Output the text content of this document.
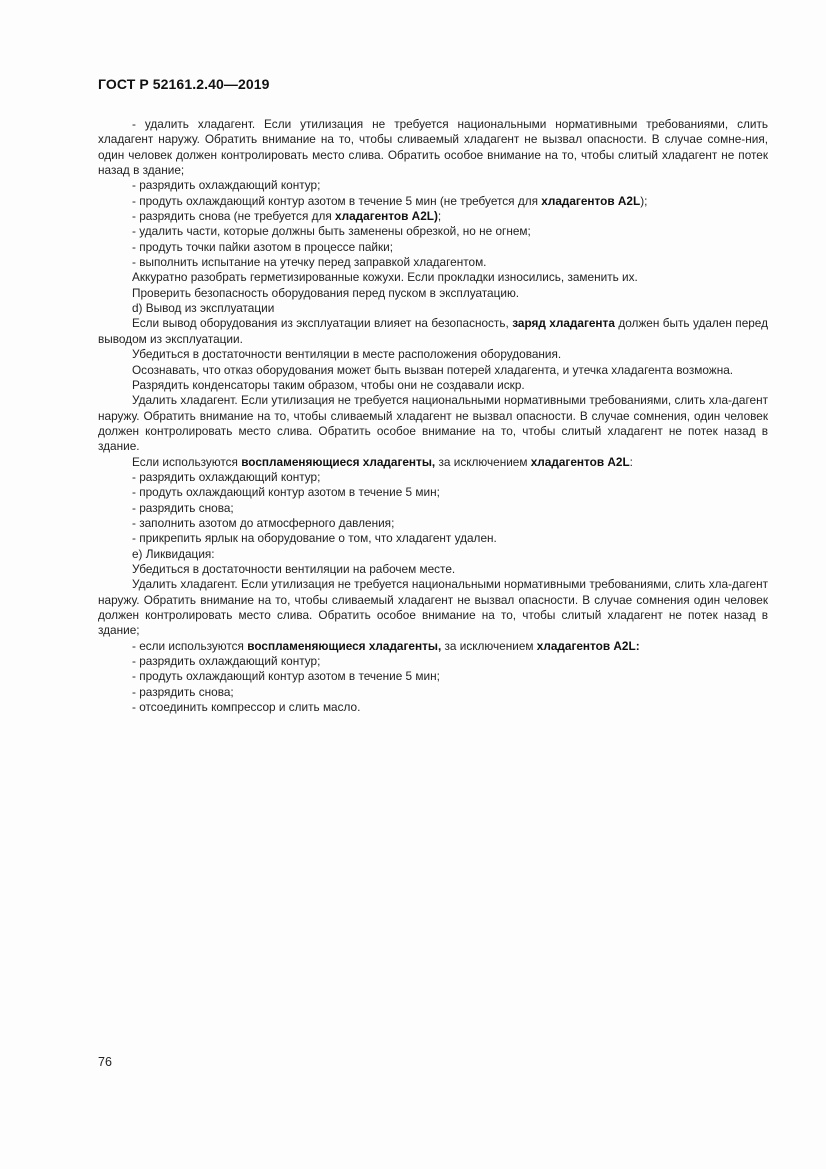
ГОСТ Р 52161.2.40—2019
- удалить хладагент. Если утилизация не требуется национальными нормативными требованиями, слить хладагент наружу. Обратить внимание на то, чтобы сливаемый хладагент не вызвал опасности. В случае сомне-ния, один человек должен контролировать место слива. Обратить особое внимание на то, чтобы слитый хладагент не потек назад в здание;
- разрядить охлаждающий контур;
- продуть охлаждающий контур азотом в течение 5 мин (не требуется для хладагентов A2L);
- разрядить снова (не требуется для хладагентов A2L);
- удалить части, которые должны быть заменены обрезкой, но не огнем;
- продуть точки пайки азотом в процессе пайки;
- выполнить испытание на утечку перед заправкой хладагентом.
Аккуратно разобрать герметизированные кожухи. Если прокладки износились, заменить их.
Проверить безопасность оборудования перед пуском в эксплуатацию.
d) Вывод из эксплуатации
Если вывод оборудования из эксплуатации влияет на безопасность, заряд хладагента должен быть удален перед выводом из эксплуатации.
Убедиться в достаточности вентиляции в месте расположения оборудования.
Осознавать, что отказ оборудования может быть вызван потерей хладагента, и утечка хладагента возможна.
Разрядить конденсаторы таким образом, чтобы они не создавали искр.
Удалить хладагент. Если утилизация не требуется национальными нормативными требованиями, слить хла-дагент наружу. Обратить внимание на то, чтобы сливаемый хладагент не вызвал опасности. В случае сомнения, один человек должен контролировать место слива. Обратить особое внимание на то, чтобы слитый хладагент не потек назад в здание.
Если используются воспламеняющиеся хладагенты, за исключением хладагентов A2L:
- разрядить охлаждающий контур;
- продуть охлаждающий контур азотом в течение 5 мин;
- разрядить снова;
- заполнить азотом до атмосферного давления;
- прикрепить ярлык на оборудование о том, что хладагент удален.
e) Ликвидация:
Убедиться в достаточности вентиляции на рабочем месте.
Удалить хладагент. Если утилизация не требуется национальными нормативными требованиями, слить хла-дагент наружу. Обратить внимание на то, чтобы сливаемый хладагент не вызвал опасности. В случае сомнения один человек должен контролировать место слива. Обратить особое внимание на то, чтобы слитый хладагент не потек назад в здание;
- если используются воспламеняющиеся хладагенты, за исключением хладагентов A2L:
- разрядить охлаждающий контур;
- продуть охлаждающий контур азотом в течение 5 мин;
- разрядить снова;
- отсоединить компрессор и слить масло.
76
